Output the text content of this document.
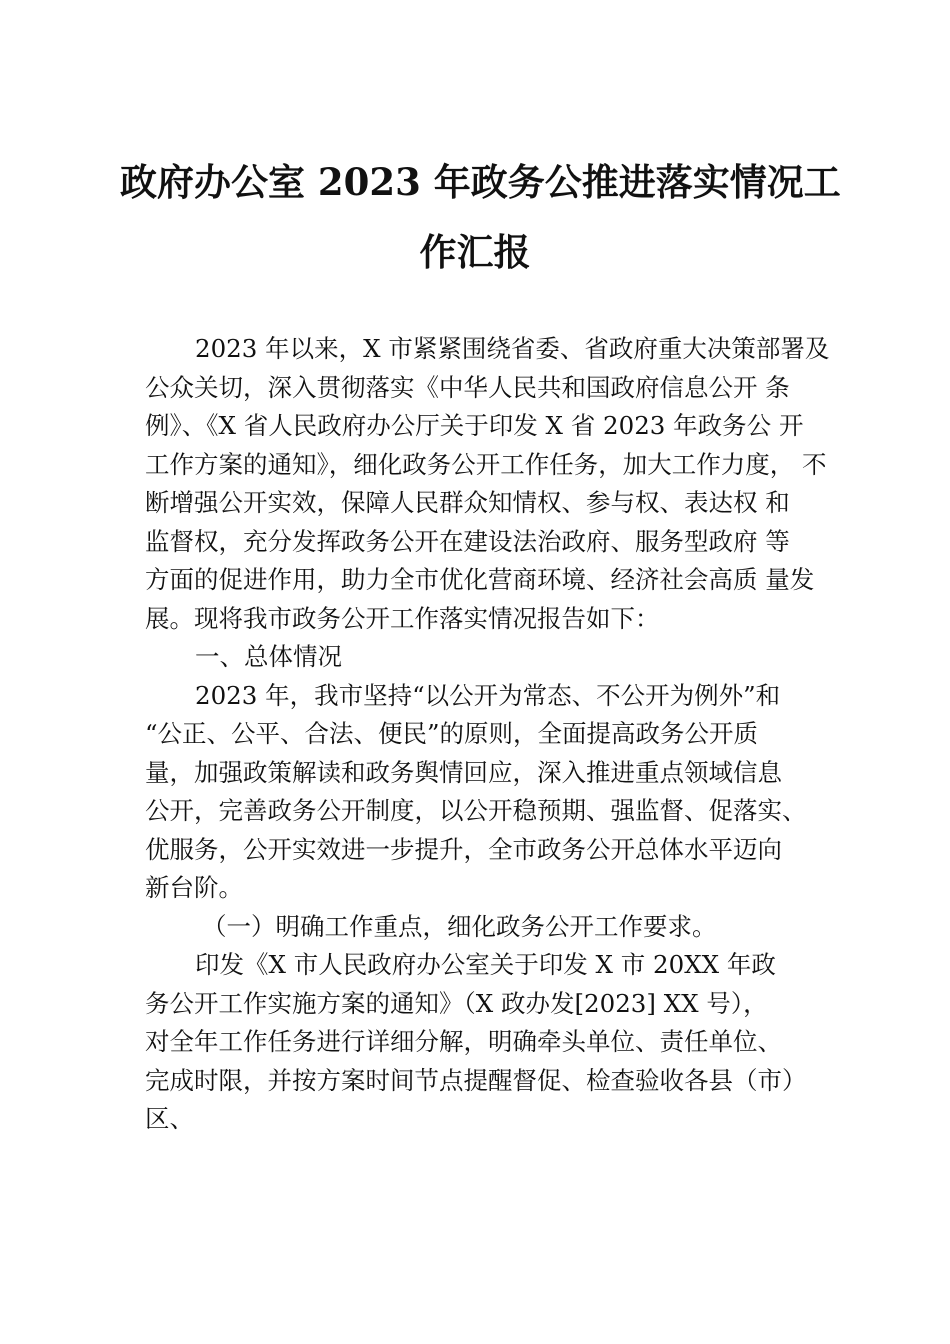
政府办公室 2023 年政务公推进落实情况工
作汇报
2023 年以来，X 市紧紧围绕省委、省政府重大决策部署及
公众关切，深入贯彻落实《中华人民共和国政府信息公开 条
例》、《X 省人民政府办公厅关于印发 X 省 2023 年政务公 开
工作方案的通知》，细化政务公开工作任务，加大工作力度， 不
断增强公开实效，保障人民群众知情权、参与权、表达权 和
监督权，充分发挥政务公开在建设法治政府、服务型政府 等
方面的促进作用，助力全市优化营商环境、经济社会高质 量发
展。现将我市政务公开工作落实情况报告如下：
一、总体情况
2023 年，我市坚持“以公开为常态、不公开为例外”和
“公正、公平、合法、便民”的原则，全面提高政务公开质
量，加强政策解读和政务舆情回应，深入推进重点领域信息
公开，完善政务公开制度，以公开稳预期、强监督、促落实、
优服务，公开实效进一步提升，全市政务公开总体水平迈向
新台阶。
（一）明确工作重点，细化政务公开工作要求。
印发《X 市人民政府办公室关于印发 X 市 20XX 年政
务公开工作实施方案的通知》（X 政办发[2023] XX 号），
对全年工作任务进行详细分解，明确牵头单位、责任单位、
完成时限，并按方案时间节点提醒督促、检查验收各县（市）
区、
